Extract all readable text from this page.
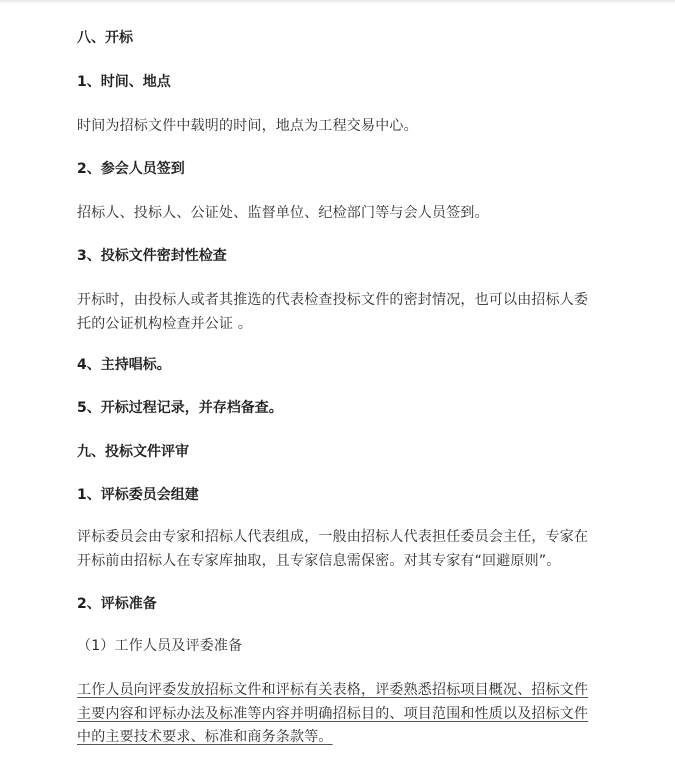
八、开标
1、时间、地点
时间为招标文件中载明的时间，地点为工程交易中心。
2、参会人员签到
招标人、投标人、公证处、监督单位、纪检部门等与会人员签到。
3、投标文件密封性检查
开标时，由投标人或者其推选的代表检查投标文件的密封情况，也可以由招标人委
托的公证机构检查并公证 。
4、主持唱标。
5、开标过程记录，并存档备查。
九、投标文件评审
1、评标委员会组建
评标委员会由专家和招标人代表组成，一般由招标人代表担任委员会主任，专家在
开标前由招标人在专家库抽取，且专家信息需保密。对其专家有“回避原则”。
2、评标准备
（1）工作人员及评委准备
工作人员向评委发放招标文件和评标有关表格，评委熟悉招标项目概况、招标文件
主要内容和评标办法及标准等内容并明确招标目的、项目范围和性质以及招标文件
中的主要技术要求、标准和商务条款等。
